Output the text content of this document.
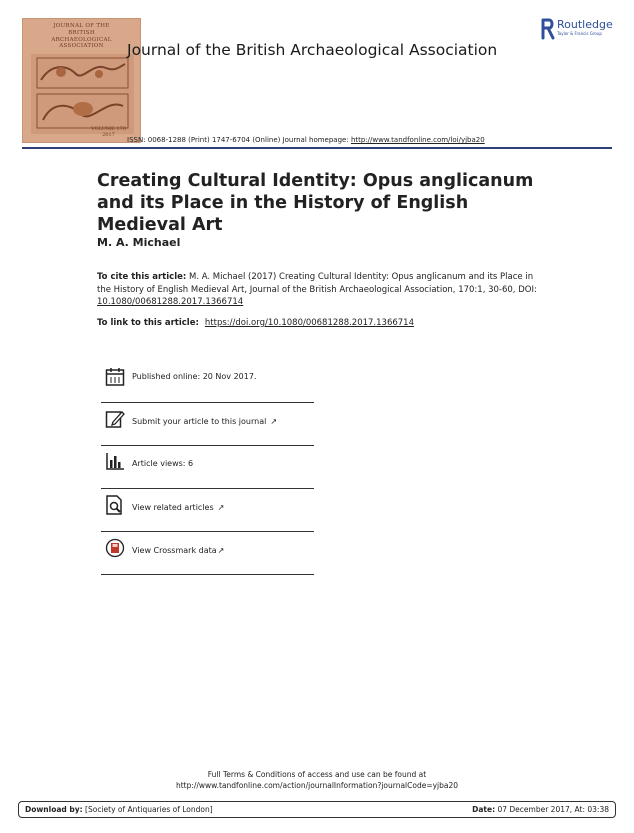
JOURNAL OF THE
BRITISH
ARCHAEOLOGICAL
ASSOCIATION
VOLUME 170
2017
Journal of the British Archaeological Association
Routledge
Taylor & Francis Group
ISSN: 0068-1288 (Print) 1747-6704 (Online) Journal homepage: http://www.tandfonline.com/loi/yjba20
Creating Cultural Identity: Opus anglicanum and its Place in the History of English Medieval Art
M. A. Michael
To cite this article: M. A. Michael (2017) Creating Cultural Identity: Opus anglicanum and its Place in the History of English Medieval Art, Journal of the British Archaeological Association, 170:1, 30-60, DOI: 10.1080/00681288.2017.1366714
To link to this article: https://doi.org/10.1080/00681288.2017.1366714
Published online: 20 Nov 2017.
Submit your article to this journal ↗
Article views: 6
View related articles ↗
View Crossmark data↗
Full Terms & Conditions of access and use can be found at
http://www.tandfonline.com/action/journalInformation?journalCode=yjba20
Download by: [Society of Antiquaries of London]	Date: 07 December 2017, At: 03:38
